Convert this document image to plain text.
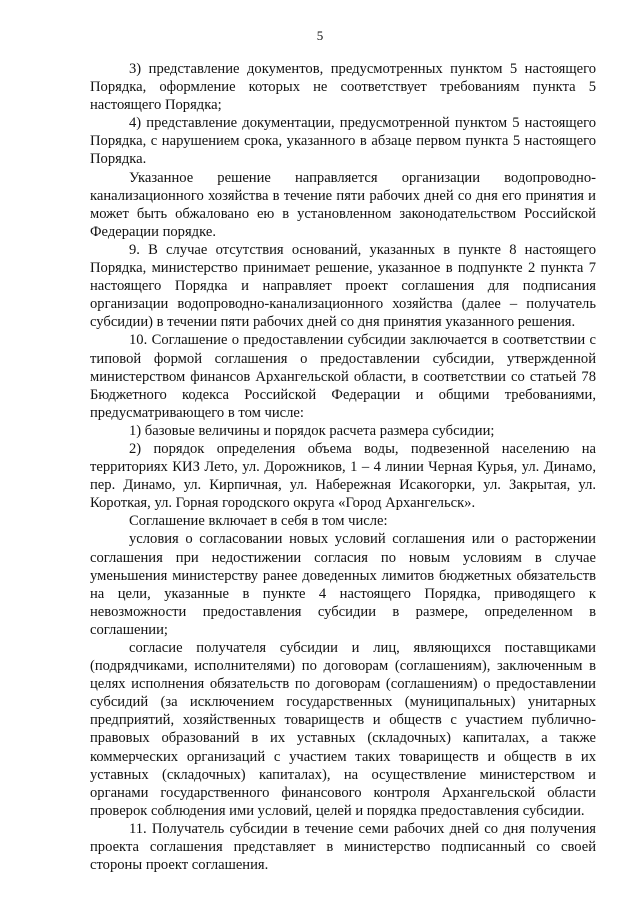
5

3) представление документов, предусмотренных пунктом 5 настоящего Порядка, оформление которых не соответствует требованиям пункта 5 настоящего Порядка;

4) представление документации, предусмотренной пунктом 5 настоящего Порядка, с нарушением срока, указанного в абзаце первом пункта 5 настоящего Порядка.

Указанное решение направляется организации водопроводно-канализационного хозяйства в течение пяти рабочих дней со дня его принятия и может быть обжаловано ею в установленном законодательством Российской Федерации порядке.

9. В случае отсутствия оснований, указанных в пункте 8 настоящего Порядка, министерство принимает решение, указанное в подпункте 2 пункта 7 настоящего Порядка и направляет проект соглашения для подписания организации водопроводно-канализационного хозяйства (далее – получатель субсидии) в течении пяти рабочих дней со дня принятия указанного решения.

10. Соглашение о предоставлении субсидии заключается в соответствии с типовой формой соглашения о предоставлении субсидии, утвержденной министерством финансов Архангельской области, в соответствии со статьей 78 Бюджетного кодекса Российской Федерации и общими требованиями, предусматривающего в том числе:

1) базовые величины и порядок расчета размера субсидии;

2) порядок определения объема воды, подвезенной населению на территориях КИЗ Лето, ул. Дорожников, 1 – 4 линии Черная Курья, ул. Динамо, пер. Динамо, ул. Кирпичная, ул. Набережная Исакогорки, ул. Закрытая, ул. Короткая, ул. Горная городского округа «Город Архангельск».

Соглашение включает в себя в том числе:

условия о согласовании новых условий соглашения или о расторжении соглашения при недостижении согласия по новым условиям в случае уменьшения министерству ранее доведенных лимитов бюджетных обязательств на цели, указанные в пункте 4 настоящего Порядка, приводящего к невозможности предоставления субсидии в размере, определенном в соглашении;

согласие получателя субсидии и лиц, являющихся поставщиками (подрядчиками, исполнителями) по договорам (соглашениям), заключенным в целях исполнения обязательств по договорам (соглашениям) о предоставлении субсидий (за исключением государственных (муниципальных) унитарных предприятий, хозяйственных товариществ и обществ с участием публично-правовых образований в их уставных (складочных) капиталах, а также коммерческих организаций с участием таких товариществ и обществ в их уставных (складочных) капиталах), на осуществление министерством и органами государственного финансового контроля Архангельской области проверок соблюдения ими условий, целей и порядка предоставления субсидии.

11. Получатель субсидии в течение семи рабочих дней со дня получения проекта соглашения представляет в министерство подписанный со своей стороны проект соглашения.
